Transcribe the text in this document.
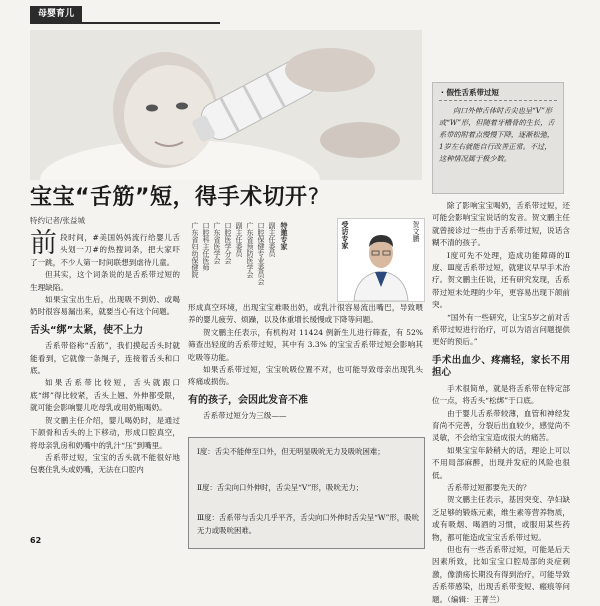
母婴育儿
宝宝“舌筋”短，得手术切开?
特约记者/张益城
广东省妇幼保健院 口腔科主任医师 广东省医学会 口腔医学分会 副主任委员 广东省预防医学会 口腔保健专业委员会 副主任委员 特邀专家	受访专家	贺文鹏

前段时间，#美国妈妈流行给婴儿舌头划一刀#的热搜词条，把大家吓了一跳，不少人第一时间联想到虐待儿童。

但其实，这个词条说的是舌系带过短的生理缺陷。

如果宝宝出生后，出现吸不到奶、或喝奶时很容易漏出来，就要当心有这个问题。

舌头“绑”太紧，使不上力

舌系带俗称“舌筋”，我们摸起舌头时就能看到，它就像一条绳子，连接着舌头和口底。

如果舌系带比较短，舌头就跟口底“绑”得比较紧，舌头上翘、外伸都受限，就可能会影响婴儿吃母乳或用奶瓶喝奶。

贺文鹏主任介绍，婴儿喝奶时，是通过下颌骨和舌头的上下移动，形成口腔真空，将母亲乳房和奶嘴中的乳汁“压”到嘴里。

舌系带过短，宝宝的舌头就不能很好地包裹住乳头或奶嘴，无法在口腔内

形成真空环境，出现宝宝难吸出奶，或乳汁很容易流出嘴巴，导致喂养的婴儿疲劳、烦躁，以及体重增长缓慢或下降等问题。

贺文鹏主任表示，有机构对 11424 例新生儿进行筛查，有 52% 筛查出轻度的舌系带过短，其中有 3.3% 的宝宝舌系带过短会影响其吃吸等功能。

如果舌系带过短，宝宝吮吸位置不对，也可能导致母亲出现乳头疼痛或损伤。

有的孩子，会因此发音不准

舌系带过短分为三级——

Ⅰ度：舌尖不能伸至口外，但无明显吸吮无力及吸吮困难；

Ⅱ度：舌尖向口外伸时，舌尖呈“V”形，吸吮无力；

Ⅲ度：舌系带与舌尖几乎平齐，舌尖向口外伸时舌尖呈“W”形，吸吮无力或吸吮困难。

· 假性舌系带过短

向口外伸舌体时舌尖也呈“V”形或“W”形，但随着牙槽骨的生长，舌系带的附着点慢慢下降，逐渐松弛，1岁左右就能自行改善正常。不过，这种情况属于极少数。

除了影响宝宝喝奶，舌系带过短，还可能会影响宝宝说话的发音。贺文鹏主任就曾接诊过一些由于舌系带过短，说话含糊不清的孩子。

Ⅰ度可先不处理，造成功能障碍的Ⅱ度、Ⅲ度舌系带过短，就建议早早手术治疗。贺文鹏主任说，还有研究发现，舌系带过短未处理的少年，更容易出现下颌前突。

“国外有一些研究，让宝5岁之前对舌系带过短进行治疗，可以为语言问题提供更好的预后。”

手术出血少、疼痛轻，家长不用担心

手术很简单，就是将舌系带在特定部位一点，将舌头“松绑”于口底。

由于婴儿舌系带较薄，血管和神经发育尚不完善，分裂后出血较少，感觉尚不灵敏，不会给宝宝造成很大的痛苦。

如果宝宝年龄稍大的话，理论上可以不用局部麻醉，出现并发症的风险也很低。

舌系带过短都要先天的？

贺文鹏主任表示，基因突变、孕妇缺乏足够的锻炼元素，维生素等营养物质，或有吸烟、喝酒的习惯，或服用某些药物，都可能造成宝宝舌系带过短。

但也有一些舌系带过短，可能是后天因素所致，比如宝宝口腔局部的炎症刺激，像溃疡长期没有得到治疗，可能导致舌系带感染，出现舌系带变短、瘢痕等问题。（编辑：王菁兰）

62
